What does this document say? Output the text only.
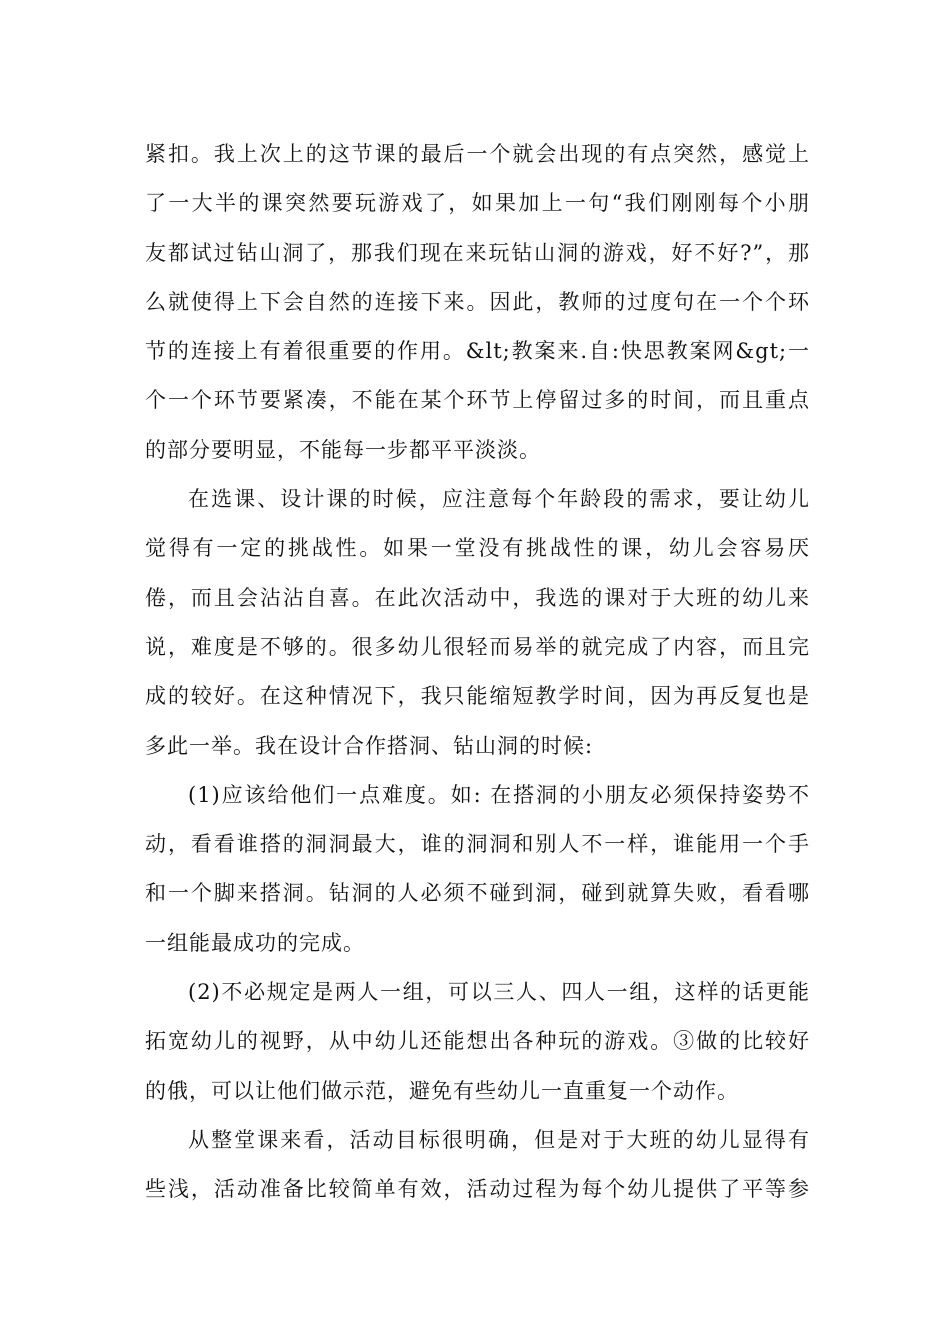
紧扣。我上次上的这节课的最后一个就会出现的有点突然，感觉上
了一大半的课突然要玩游戏了，如果加上一句“我们刚刚每个小朋
友都试过钻山洞了，那我们现在来玩钻山洞的游戏，好不好?”，那
么就使得上下会自然的连接下来。因此，教师的过度句在一个个环
节的连接上有着很重要的作用。&lt;教案来.自:快思教案网&gt;一
个一个环节要紧凑，不能在某个环节上停留过多的时间，而且重点
的部分要明显，不能每一步都平平淡淡。
在选课、设计课的时候，应注意每个年龄段的需求，要让幼儿
觉得有一定的挑战性。如果一堂没有挑战性的课，幼儿会容易厌
倦，而且会沾沾自喜。在此次活动中，我选的课对于大班的幼儿来
说，难度是不够的。很多幼儿很轻而易举的就完成了内容，而且完
成的较好。在这种情况下，我只能缩短教学时间，因为再反复也是
多此一举。我在设计合作搭洞、钻山洞的时候:
(1)应该给他们一点难度。如: 在搭洞的小朋友必须保持姿势不
动，看看谁搭的洞洞最大，谁的洞洞和别人不一样，谁能用一个手
和一个脚来搭洞。钻洞的人必须不碰到洞，碰到就算失败，看看哪
一组能最成功的完成。
(2)不必规定是两人一组，可以三人、四人一组，这样的话更能
拓宽幼儿的视野，从中幼儿还能想出各种玩的游戏。③做的比较好
的俄，可以让他们做示范，避免有些幼儿一直重复一个动作。
从整堂课来看，活动目标很明确，但是对于大班的幼儿显得有
些浅，活动准备比较简单有效，活动过程为每个幼儿提供了平等参
